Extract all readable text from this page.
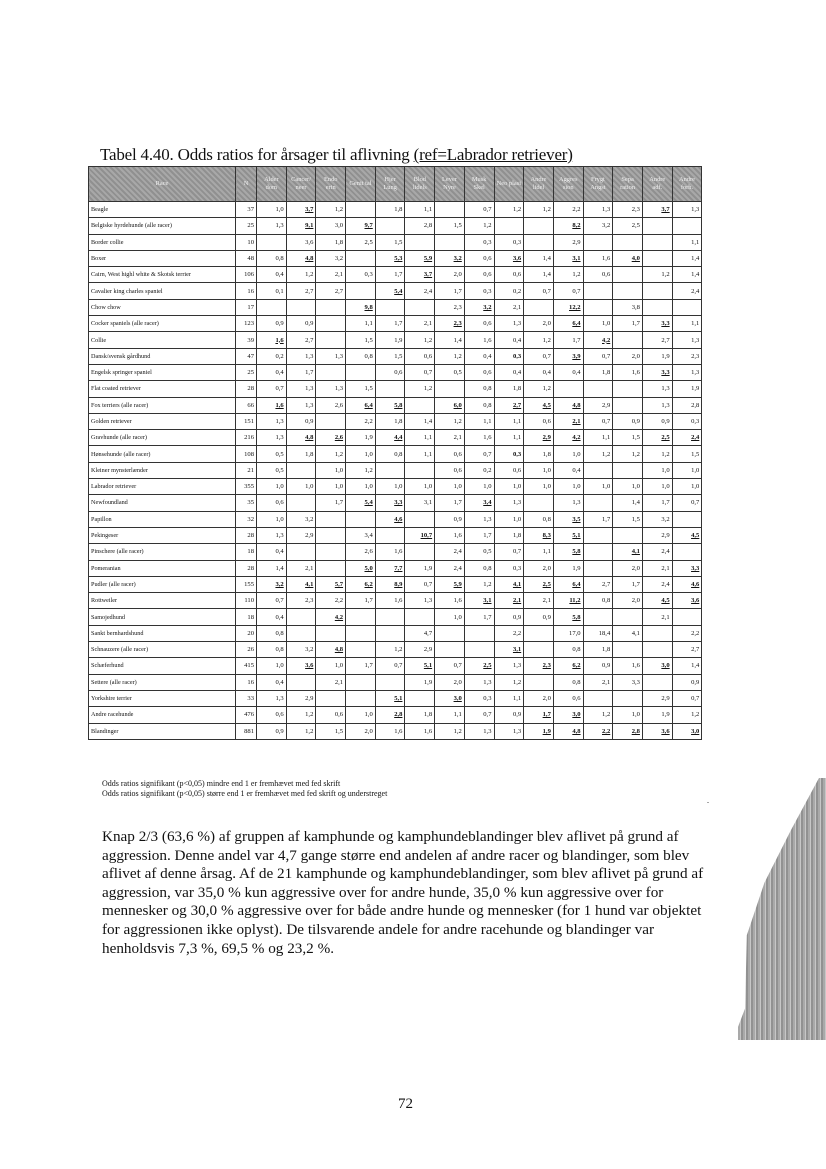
Tabel 4.40. Odds ratios for årsager til aflivning (ref=Labrador retriever)
Race	N	Alder dom	Cancer/ neer	Endo erin	Genit tal	Hjer Lung	Blod lidels	Lever Nyre	Musk Skel	Neo plasi	Andre lidel	Aggres sion	Frygt Angst	Sepa ration	Andre adf.	Andre forh.
Beagle	37	1,0	3,7	1,2		1,8	1,1		0,7	1,2	1,2	2,2	1,3	2,3	3,7	1,3
Belgiske hyrdehunde (alle racer)	25	1,3	9,1	3,0	9,7		2,8	1,5	1,2			8,2	3,2	2,5		
Border collie	10		3,6	1,8	2,5	1,5			0,3	0,3		2,9				1,1
Boxer	48	0,8	4,8	3,2		5,3	5,9	3,2	0,6	3,6	1,4	3,1	1,6	4,0		1,4
Cairn, West highl white & Skotsk terrier	106	0,4	1,2	2,1	0,3	1,7	3,7	2,0	0,6	0,6	1,4	1,2	0,6		1,2	1,4
Cavalier king charles spaniel	16	0,1	2,7	2,7		5,4	2,4	1,7	0,3	0,2	0,7	0,7				2,4
Chow chow	17				9,8			2,3	3,2	2,1		12,2		3,8		
Cocker spaniels (alle racer)	123	0,9	0,9		1,1	1,7	2,1	2,3	0,6	1,3	2,0	6,4	1,0	1,7	3,3	1,1
Collie	39	1,6	2,7		1,5	1,9	1,2	1,4	1,6	0,4	1,2	1,7	4,2		2,7	1,3
Dansk/svensk gårdhund	47	0,2	1,3	1,3	0,8	1,5	0,6	1,2	0,4	0,3	0,7	3,9	0,7	2,0	1,9	2,3
Engelsk springer spaniel	25	0,4	1,7			0,6	0,7	0,5	0,6	0,4	0,4	0,4	1,8	1,6	3,3	1,3
Flat coated retriever	28	0,7	1,3	1,3	1,5		1,2		0,8	1,8	1,2				1,3	1,9
Fox terriers (alle racer)	66	1,6	1,3	2,6	6,4	5,8		6,0	0,8	2,7	4,5	4,8	2,9		1,3	2,8
Golden retriever	151	1,3	0,9		2,2	1,8	1,4	1,2	1,1	1,1	0,6	2,1	0,7	0,9	0,9	0,3
Gravhunde (alle racer)	216	1,3	4,8	2,6	1,9	4,4	1,1	2,1	1,6	1,1	2,9	4,2	1,1	1,5	2,5	2,4
Hønsehunde (alle racer)	108	0,5	1,8	1,2	1,0	0,8	1,1	0,6	0,7	0,3	1,8	1,0	1,2	1,2	1,2	1,5
Kleiner mynsterlænder	21	0,5		1,0	1,2			0,6	0,2	0,6	1,0	0,4			1,0	1,0
Labrador retriever	355	1,0	1,0	1,0	1,0	1,0	1,0	1,0	1,0	1,0	1,0	1,0	1,0	1,0	1,0	1,0
Newfoundland	35	0,6		1,7	5,4	3,3	3,1	1,7	3,4	1,3		1,3		1,4	1,7	0,7
Papillon	32	1,0	3,2			4,6		0,9	1,3	1,0	0,8	3,5	1,7	1,5	3,2	
Pekingeser	28	1,3	2,9		3,4		10,7	1,6	1,7	1,8	8,3	5,1			2,9	4,5
Pinschere (alle racer)	18	0,4			2,6	1,6		2,4	0,5	0,7	1,1	5,8		4,1	2,4	
Pomeranian	28	1,4	2,1		5,0	7,7	1,9	2,4	0,8	0,3	2,0	1,9		2,0	2,1	3,3
Pudler (alle racer)	155	3,2	4,1	5,7	6,2	8,9	0,7	5,9	1,2	4,1	2,5	6,4	2,7	1,7	2,4	4,6
Rottweiler	110	0,7	2,3	2,2	1,7	1,6	1,3	1,6	3,1	2,1	2,1	11,2	0,8	2,0	4,5	3,6
Samojedhund	18	0,4		4,2				1,0	1,7	0,9	0,9	5,8			2,1	
Sankt bernhardshund	20	0,8					4,7			2,2		17,0	18,4	4,1		2,2
Schnauzere (alle racer)	26	0,8	3,2	4,8		1,2	2,9			3,1		0,8	1,8			2,7
Schæferhund	415	1,0	3,6	1,0	1,7	0,7	5,1	0,7	2,5	1,3	2,3	6,2	0,9	1,6	3,0	1,4
Settere (alle racer)	16	0,4		2,1			1,9	2,0	1,3	1,2		0,8	2,1	3,3		0,9
Yorkshire terrier	33	1,3	2,9			5,1		3,0	0,3	1,1	2,0	0,6			2,9	0,7
Andre racehunde	476	0,6	1,2	0,6	1,0	2,8	1,8	1,1	0,7	0,9	1,7	3,0	1,2	1,0	1,9	1,2
Blandinger	881	0,9	1,2	1,5	2,0	1,6	1,6	1,2	1,3	1,3	1,9	4,8	2,2	2,8	3,6	3,0
Odds ratios signifikant (p<0,05) mindre end 1 er fremhævet med fed skrift
Odds ratios signifikant (p<0,05) større end 1 er fremhævet med fed skrift og understreget
.
Knap 2/3 (63,6 %) af gruppen af kamphunde og kamphundeblandinger blev aflivet på grund af aggression. Denne andel var 4,7 gange større end andelen af andre racer og blandinger, som blev aflivet af denne årsag. Af de 21 kamphunde og kamphundeblandinger, som blev aflivet på grund af aggression, var 35,0 % kun aggressive over for andre hunde, 35,0 % kun aggressive over for mennesker og 30,0 % aggressive over for både andre hunde og mennesker (for 1 hund var objektet for aggressionen ikke oplyst). De tilsvarende andele for andre racehunde og blandinger var henholdsvis 7,3 %, 69,5 % og 23,2 %.
72
